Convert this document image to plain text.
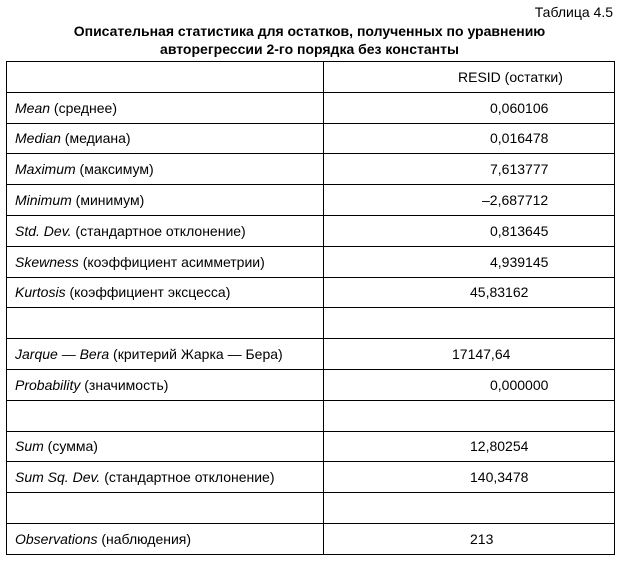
Таблица 4.5
Описательная статистика для остатков, полученных по уравнению
авторегрессии 2-го порядка без константы
	RESID (остатки)
Mean (среднее)	0,060106
Median (медиана)	0,016478
Maximum (максимум)	7,613777
Minimum (минимум)	–2,687712
Std. Dev. (стандартное отклонение)	0,813645
Skewness (коэффициент асимметрии)	4,939145
Kurtosis (коэффициент эксцесса)	45,83162

Jarque — Bera (критерий Жарка — Бера)	17147,64
Probability (значимость)	0,000000

Sum (сумма)	12,80254
Sum Sq. Dev. (стандартное отклонение)	140,3478

Observations (наблюдения)	213
